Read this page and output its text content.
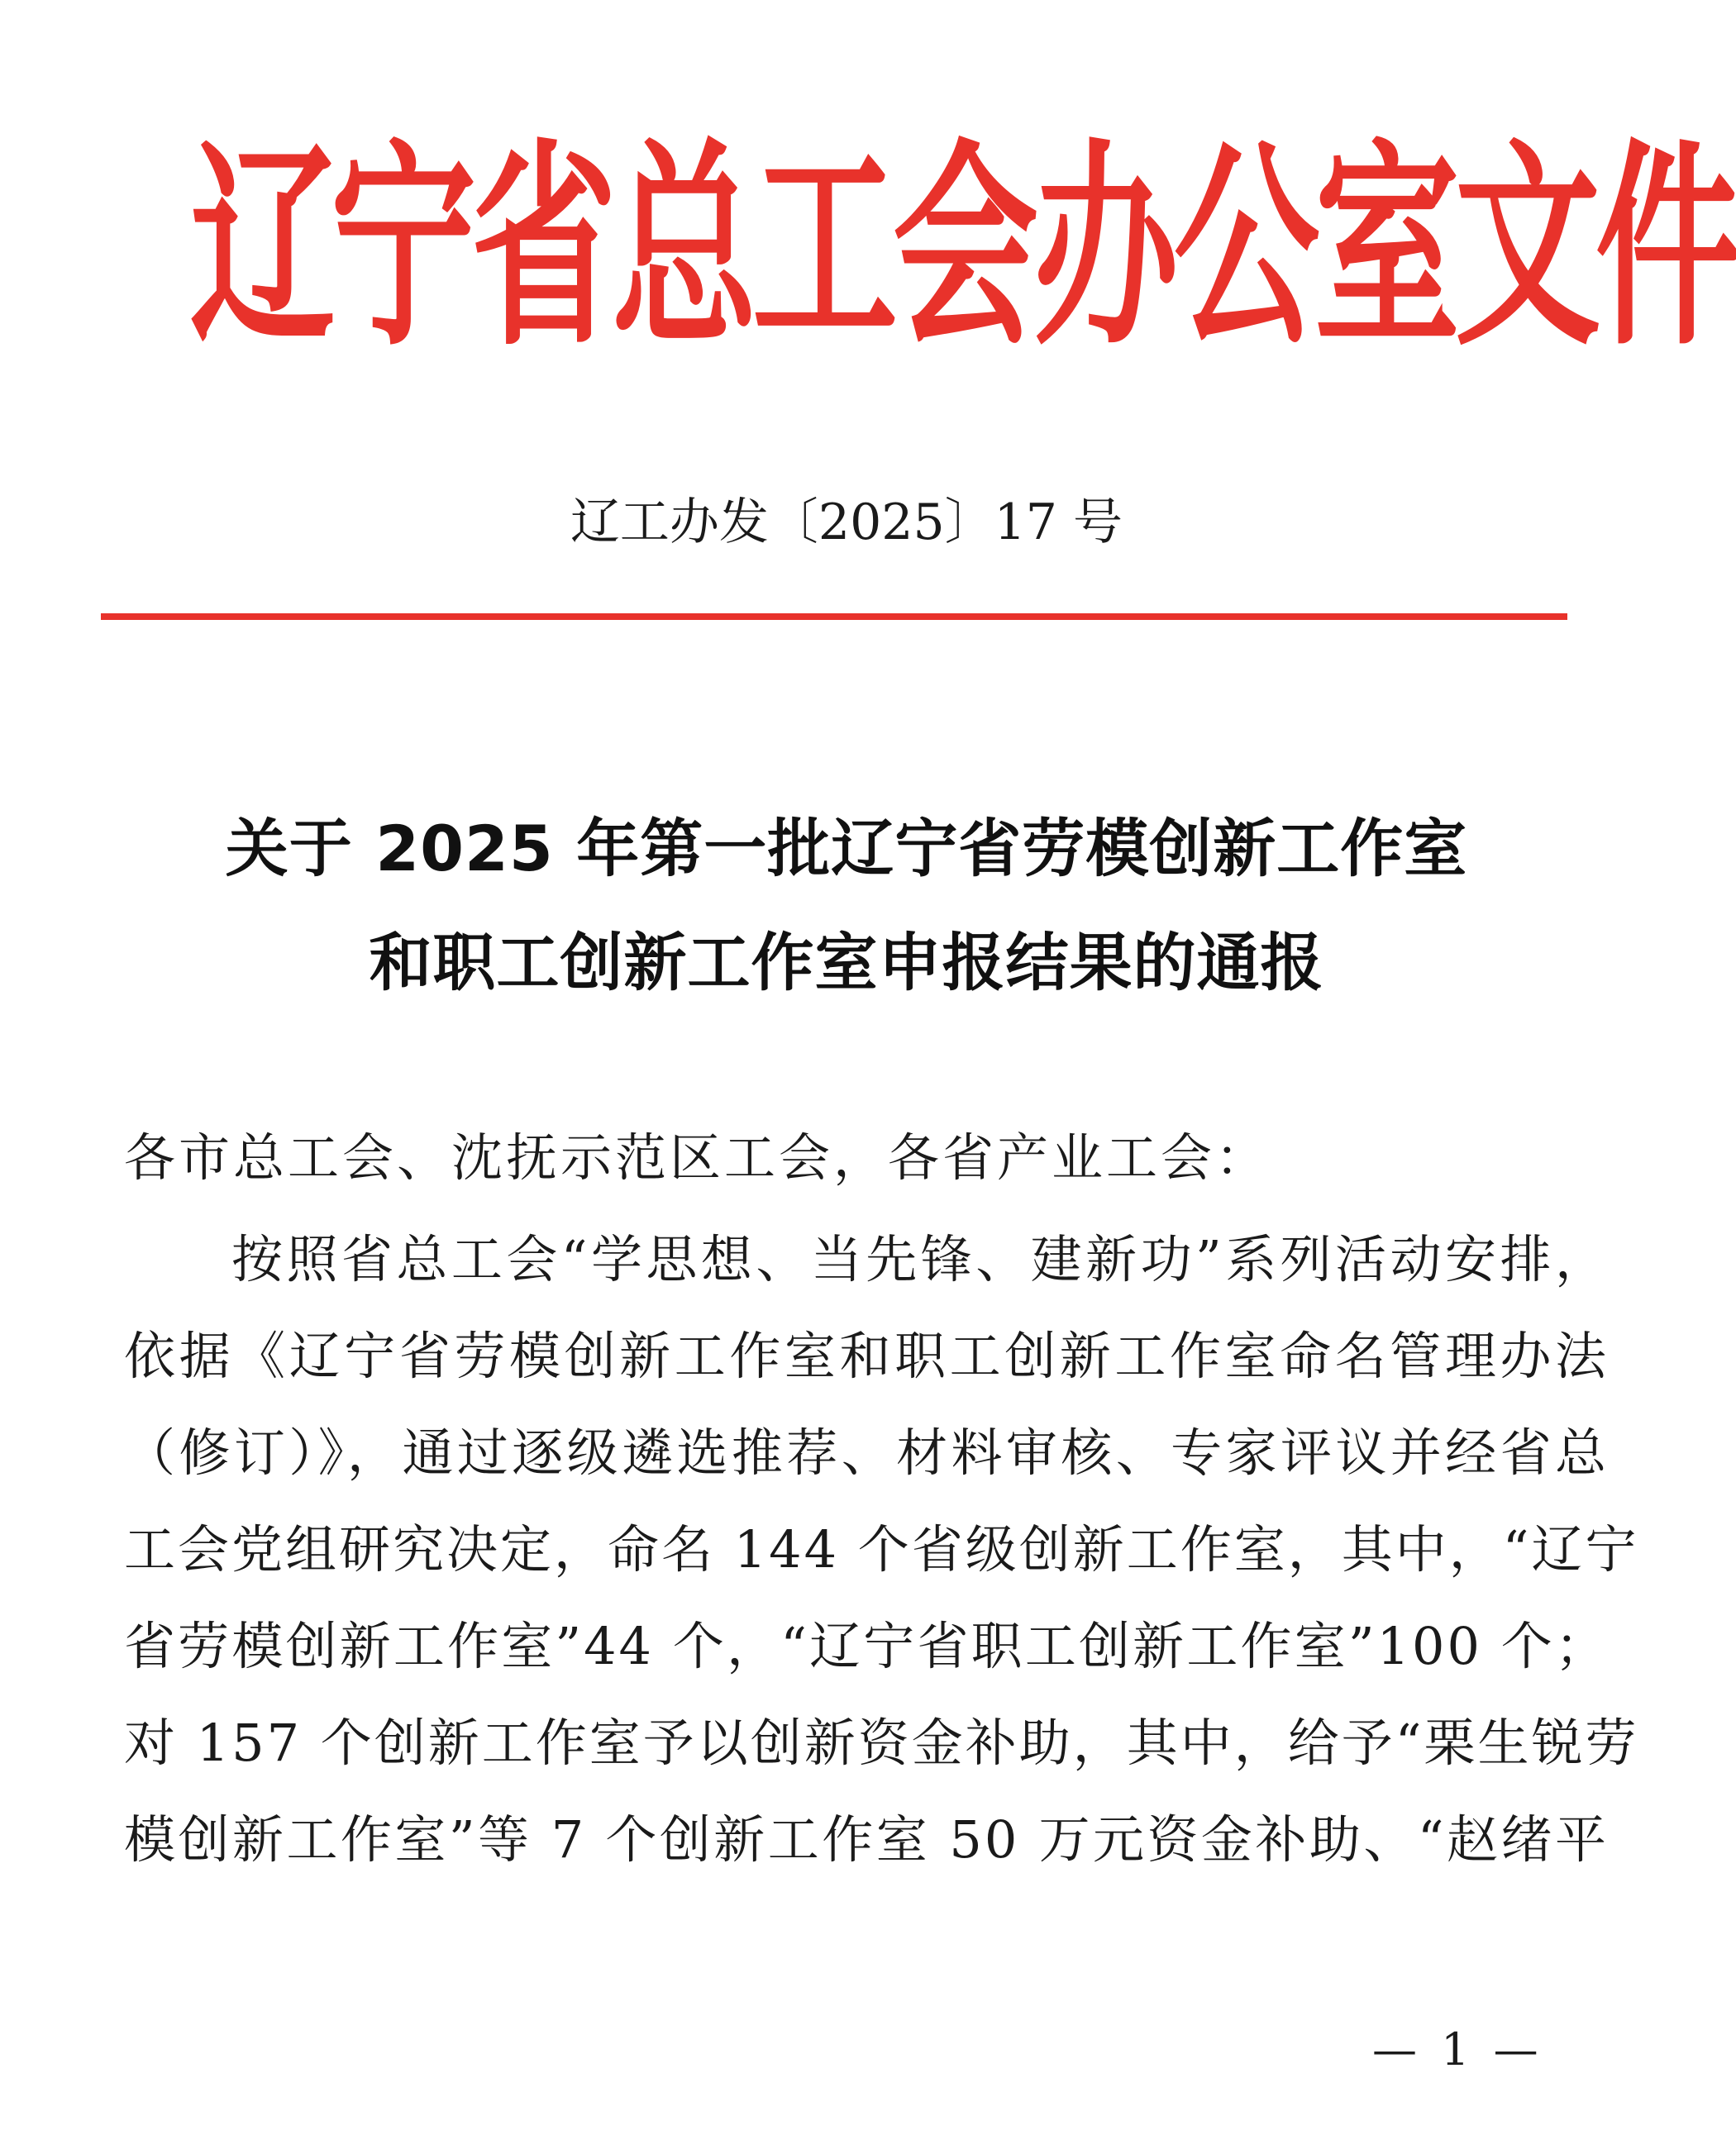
辽宁省总工会办公室文件
辽工办发〔2025〕17 号
关于 2025 年第一批辽宁省劳模创新工作室
和职工创新工作室申报结果的通报
各市总工会、沈抚示范区工会，各省产业工会：
按照省总工会“学思想、当先锋、建新功”系列活动安排，
依据《辽宁省劳模创新工作室和职工创新工作室命名管理办法
（修订）》，通过逐级遴选推荐、材料审核、专家评议并经省总
工会党组研究决定，命名 144 个省级创新工作室，其中，“辽宁
省劳模创新工作室”44 个，“辽宁省职工创新工作室”100 个；
对 157 个创新工作室予以创新资金补助，其中，给予“栗生锐劳
模创新工作室”等 7 个创新工作室 50 万元资金补助、“赵绪平
— 1 —
